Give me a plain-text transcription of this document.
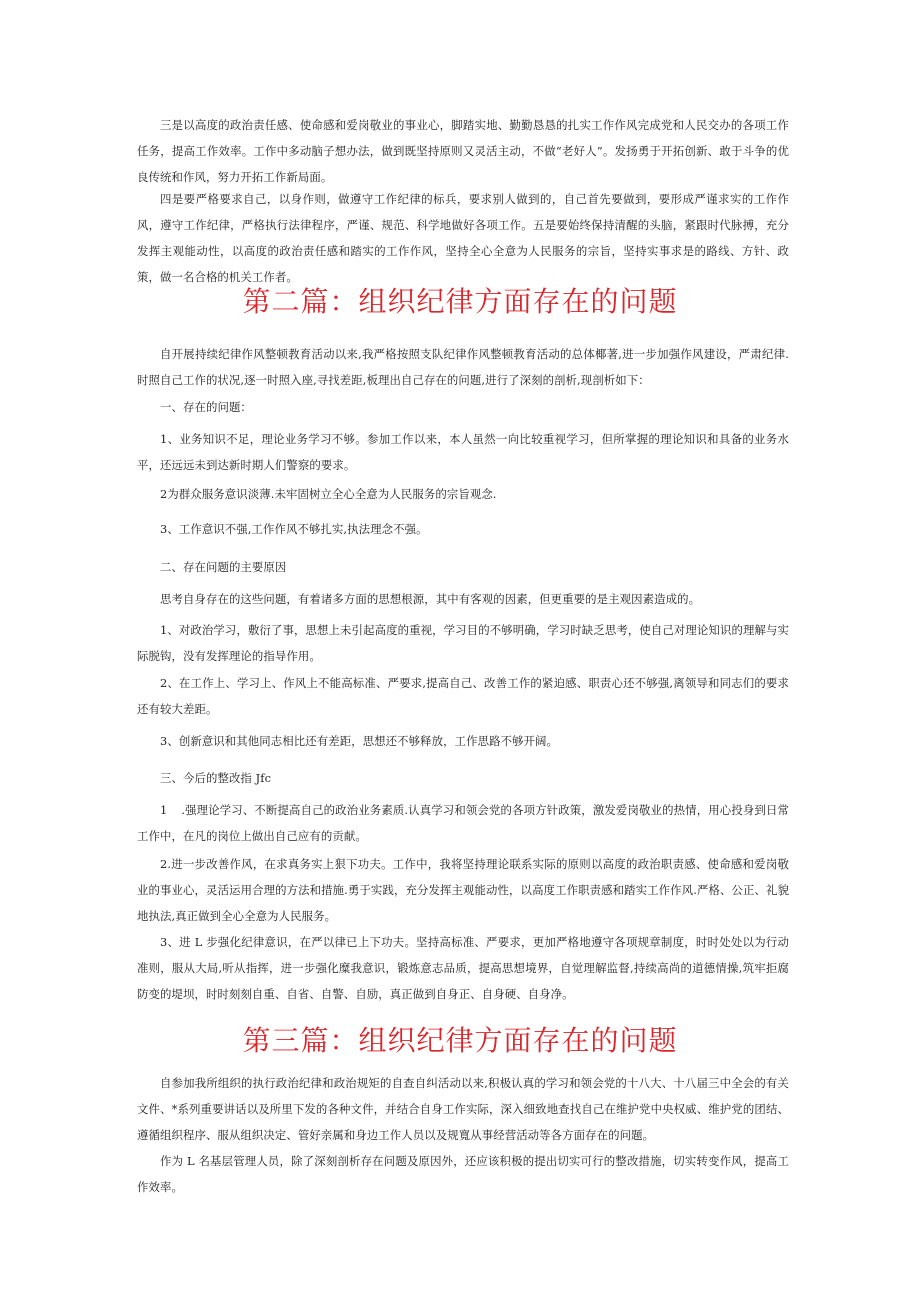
三是以高度的政治责任感、使命感和爱岗敬业的事业心，脚踏实地、勤勤恳恳的扎实工作作风完成党和人民交办的各项工作任务，提高工作效率。工作中多动脑子想办法，做到既坚持原则又灵活主动，不做“老好人”。发扬勇于开拓创新、敢于斗争的优良传统和作风，努力开拓工作新局面。

四是要严格要求自己，以身作则，做遵守工作纪律的标兵，要求别人做到的，自己首先要做到，要形成严谨求实的工作作风，遵守工作纪律，严格执行法律程序，严谨、规范、科学地做好各项工作。五是要始终保持清醒的头脑，紧跟时代脉搏，充分发挥主观能动性，以高度的政治责任感和踏实的工作作风，坚持全心全意为人民服务的宗旨，坚持实事求是的路线、方针、政策，做一名合格的机关工作者。

第二篇：组织纪律方面存在的问题

自开展持续纪律作风整顿教育活动以来,我严格按照支队纪律作风整顿教育活动的总体椰著,进一步加强作风建设，严肃纪律.时照自己工作的状况,逐一时照入座,寻找差距,板理出自己存在的问题,进行了深刻的剖析,现剖析如下：

一、存在的问题：

1、业务知识不足，理论业务学习不够。参加工作以来，本人虽然一向比较重视学习，但所掌握的理论知识和具备的业务水平，还远远未到达新时期人们警察的要求。

2为群众服务意识淡薄.未牢固树立全心全意为人民服务的宗旨观念.

3、工作意识不强,工作作风不够扎实,执法理念不强。

二、存在问题的主要原因

思考自身存在的这些问题，有着诸多方面的思想根源，其中有客观的因素，但更重要的是主观因素造成的。

1、对政治学习，敷衍了事，思想上未引起高度的重视，学习目的不够明确，学习时缺乏思考，使自己对理论知识的理解与实际脱钩，没有发挥理论的指导作用。

2、在工作上、学习上、作风上不能高标准、严要求,提高自己、改善工作的紧迫感、职责心还不够强,离领导和同志们的要求还有较大差距。

3、创新意识和其他同志相比还有差距，思想还不够释放，工作思路不够开阔。

三、今后的整改指 Jfc

1 .强理论学习、不断提高自己的政治业务素质.认真学习和领会党的各项方针政策，激发爱岗敬业的热情，用心投身到日常工作中，在凡的岗位上做出自己应有的贡献。

2.进一步改善作风，在求真务实上狠下功夫。工作中，我将坚持理论联系实际的原则以高度的政治职责感、使命感和爱岗敬业的事业心，灵活运用合理的方法和措施.勇于实践，充分发挥主观能动性，以高度工作职责感和踏实工作作风.严格、公正、礼貌地执法,真正做到全心全意为人民服务。

3、进 L 步强化纪律意识，在严以律已上下功夫。坚持高标准、严要求，更加严格地遵守各项规章制度，时时处处以为行动准则，服从大局,听从指挥，进一步强化糜我意识，锻炼意志品质，提高思想境界，自觉理解监督,持续高尚的道德情操,筑牢拒腐防变的堤坝，时时刻刻自重、自省、自警、自励，真正做到自身正、自身硬、自身净。

第三篇：组织纪律方面存在的问题

自参加我所组织的执行政治纪律和政治规矩的自查自纠活动以来,积极认真的学习和领会党的十八大、十八届三中全会的有关文件、*系列重要讲话以及所里下发的各种文件，并结合自身工作实际，深入细致地查找自己在维护党中央权威、维护党的团结、遵循组织程序、服从组织决定、管好亲属和身边工作人员以及规寬从事经营活动等各方面存在的问题。

作为 L 名基层管理人员，除了深刻剖析存在问题及原因外，还应该积极的提出切实可行的整改措施，切实转变作风，提高工作效率。
